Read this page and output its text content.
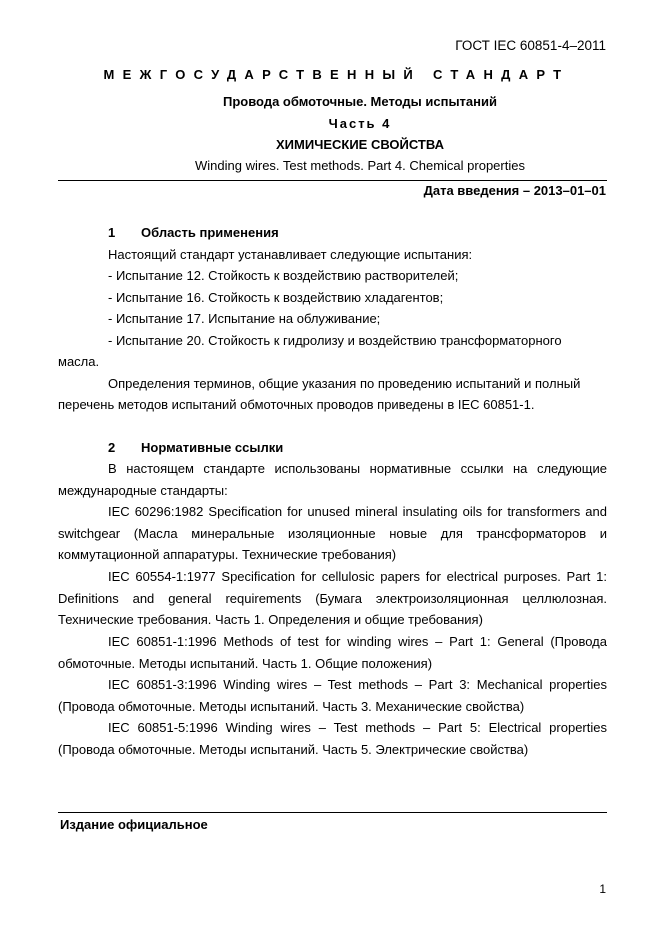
ГОСТ IEC 60851-4–2011
МЕЖГОСУДАРСТВЕННЫЙ СТАНДАРТ
Провода обмоточные. Методы испытаний
Часть 4
ХИМИЧЕСКИЕ СВОЙСТВА
Winding wires. Test methods. Part 4. Chemical properties
Дата введения – 2013–01–01
1 Область применения
Настоящий стандарт устанавливает следующие испытания:
- Испытание 12. Стойкость к воздействию растворителей;
- Испытание 16. Стойкость к воздействию хладагентов;
- Испытание 17. Испытание на облуживание;
- Испытание 20. Стойкость к гидролизу и воздействию трансформаторного
масла.
Определения терминов, общие указания по проведению испытаний и полный
перечень методов испытаний обмоточных проводов приведены в IEC 60851-1.
2 Нормативные ссылки
В настоящем стандарте использованы нормативные ссылки на следующие международные стандарты:
IEC 60296:1982 Specification for unused mineral insulating oils for transformers and switchgear (Масла минеральные изоляционные новые для трансформаторов и коммутационной аппаратуры. Технические требования)
IEC 60554-1:1977 Specification for cellulosic papers for electrical purposes. Part 1: Definitions and general requirements (Бумага электроизоляционная целлюлозная. Технические требования. Часть 1. Определения и общие требования)
IEC 60851-1:1996 Methods of test for winding wires – Part 1: General (Провода обмоточные. Методы испытаний. Часть 1. Общие положения)
IEC 60851-3:1996 Winding wires – Test methods – Part 3: Mechanical properties (Провода обмоточные. Методы испытаний. Часть 3. Механические свойства)
IEC 60851-5:1996 Winding wires – Test methods – Part 5: Electrical properties (Провода обмоточные. Методы испытаний. Часть 5. Электрические свойства)
Издание официальное
1
